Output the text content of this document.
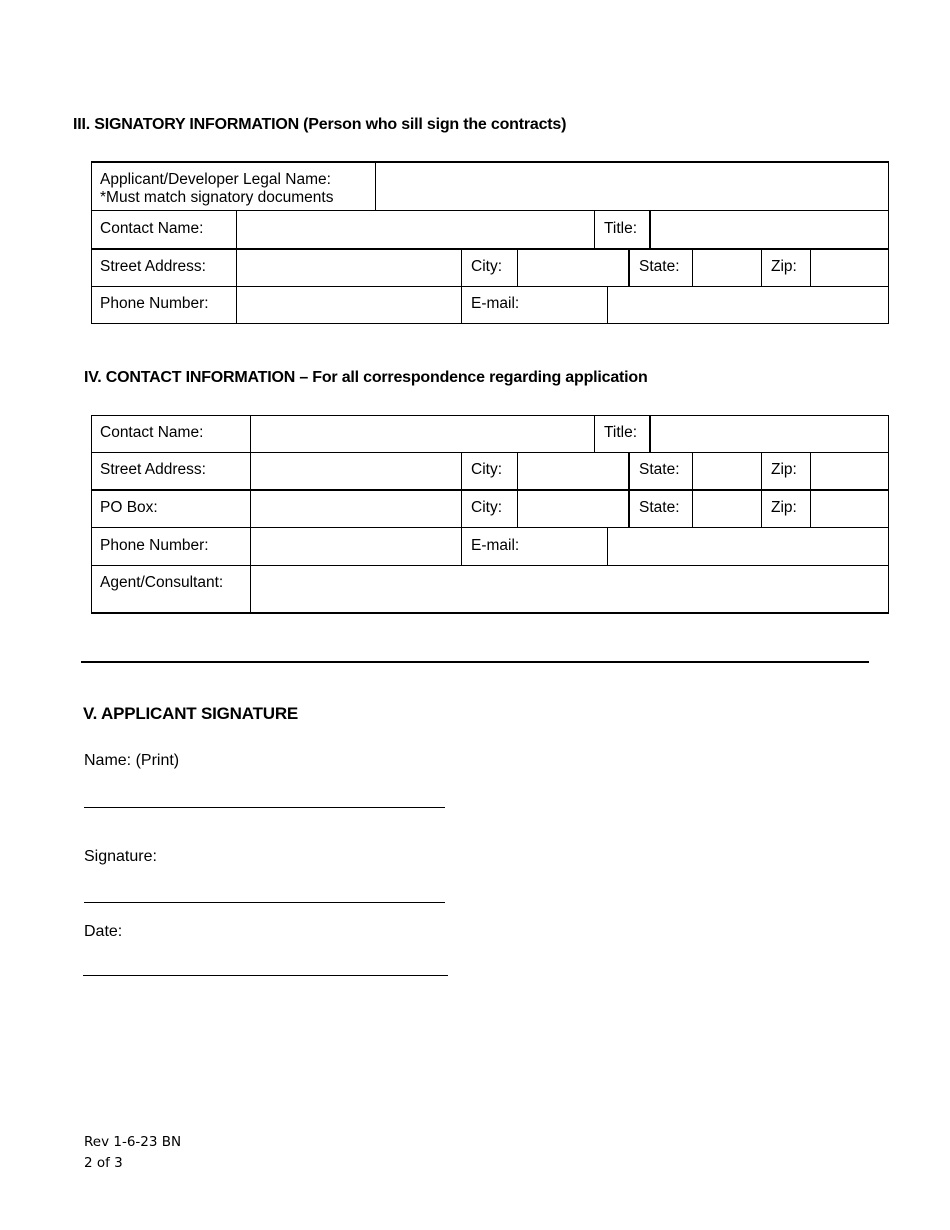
III. SIGNATORY INFORMATION (Person who sill sign the contracts)
Applicant/Developer Legal Name:
*Must match signatory documents
Contact Name:	Title:
Street Address:	City:	State:	Zip:
Phone Number:	E-mail:
IV. CONTACT INFORMATION – For all correspondence regarding application
Contact Name:	Title:
Street Address:	City:	State:	Zip:
PO Box:	City:	State:	Zip:
Phone Number:	E-mail:
Agent/Consultant:
V. APPLICANT SIGNATURE
Name: (Print)
Signature:
Date:
Rev 1-6-23 BN
2 of 3
